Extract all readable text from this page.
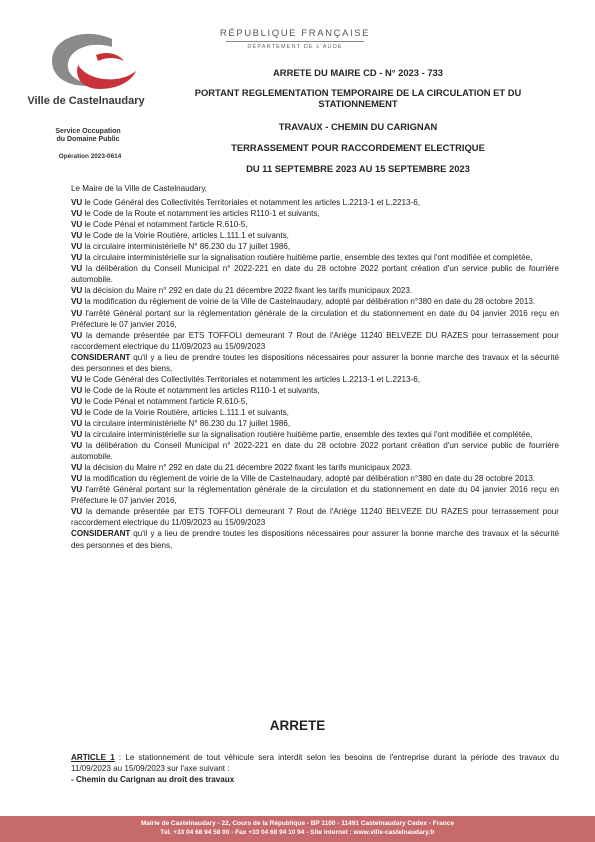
Ville de Castelnaudary
Service Occupation
du Domaine Public
Opération 2023-0614
RÉPUBLIQUE FRANÇAISE
DÉPARTEMENT DE L'AUDE
ARRETE DU MAIRE CD - N° 2023 - 733
PORTANT REGLEMENTATION TEMPORAIRE DE LA CIRCULATION ET DU
STATIONNEMENT
TRAVAUX - CHEMIN DU CARIGNAN
TERRASSEMENT POUR RACCORDEMENT ELECTRIQUE
DU 11 SEPTEMBRE 2023 AU 15 SEPTEMBRE 2023

Le Maire de la Ville de Castelnaudary,

VU le Code Général des Collectivités Territoriales et notamment les articles L.2213-1 et L.2213-6,

VU le Code de la Route et notamment les articles R110-1 et suivants,

VU le Code Pénal et notamment l'article R.610-5,

VU le Code de la Voirie Routière, articles L.111.1 et suivants,

VU la circulaire interministérielle N° 86.230 du 17 juillet 1986,

VU la circulaire interministérielle sur la signalisation routière huitième partie, ensemble des textes qui l'ont modifiée et complétée,

VU la délibération du Conseil Municipal n° 2022-221 en date du 28 octobre 2022 portant création d'un service public de fourrière automobile.

VU la décision du Maire n° 292 en date du 21 décembre 2022 fixant les tarifs municipaux 2023.

VU la modification du règlement de voirie de la Ville de Castelnaudary, adopté par délibération n°380 en date du 28 octobre 2013.

VU l'arrêté Général portant sur la réglementation générale de la circulation et du stationnement en date du 04 janvier 2016 reçu en Préfecture le 07 janvier 2016,

VU la demande présentée par ETS TOFFOLI demeurant 7 Rout de l'Ariège 11240 BELVEZE DU RAZES pour terrassement pour raccordement electrique du 11/09/2023 au 15/09/2023

CONSIDERANT qu'il y a lieu de prendre toutes les dispositions nécessaires pour assurer la bonne marche des travaux et la sécurité des personnes et des biens,

VU le Code Général des Collectivités Territoriales et notamment les articles L.2213-1 et L.2213-6,

VU le Code de la Route et notamment les articles R110-1 et suivants,

VU le Code Pénal et notamment l'article R.610-5,

VU le Code de la Voirie Routière, articles L.111.1 et suivants,

VU la circulaire interministérielle N° 86.230 du 17 juillet 1986,

VU la circulaire interministérielle sur la signalisation routière huitième partie, ensemble des textes qui l'ont modifiée et complétée,

VU la délibération du Conseil Municipal n° 2022-221 en date du 28 octobre 2022 portant création d'un service public de fourrière automobile.

VU la décision du Maire n° 292 en date du 21 décembre 2022 fixant les tarifs municipaux 2023.

VU la modification du règlement de voirie de la Ville de Castelnaudary, adopté par délibération n°380 en date du 28 octobre 2013.

VU l'arrêté Général portant sur la réglementation générale de la circulation et du stationnement en date du 04 janvier 2016 reçu en Préfecture le 07 janvier 2016,

VU la demande présentée par ETS TOFFOLI demeurant 7 Rout de l'Ariège 11240 BELVEZE DU RAZES pour terrassement pour raccordement electrique du 11/09/2023 au 15/09/2023

CONSIDERANT qu'il y a lieu de prendre toutes les dispositions nécessaires pour assurer la bonne marche des travaux et la sécurité des personnes et des biens,

ARRETE

ARTICLE 1 : Le stationnement de tout véhicule sera interdit selon les besoins de l'entreprise durant la période des travaux du 11/09/2023 au 15/09/2023 sur l'axe suivant :

- Chemin du Carignan au droit des travaux

Mairie de Castelnaudary - 22, Cours de la République - BP 1100 - 11491 Castelnaudary Cedex - France
Tél. +33 04 68 94 58 00 - Fax +33 04 68 94 10 94 - Site internet : www.ville-castelnaudary.fr
